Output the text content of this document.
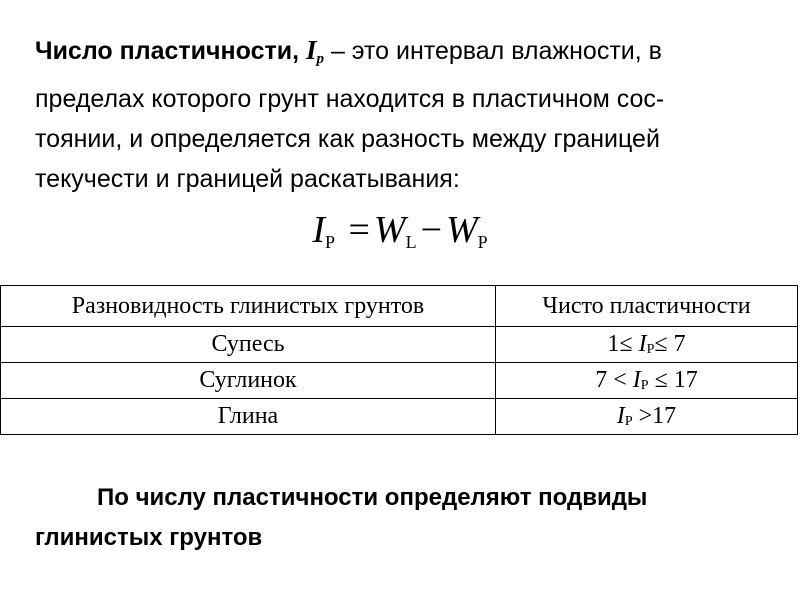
Число пластичности, $I_p$ – это интервал влажности, в
пределах которого грунт находится в пластичном сос-
тоянии, и определяется как разность между границей
текучести и границей раскатывания:

$I_P = W_L - W_P$
Разновидность глинистых грунтов	Чисто пластичности
Супесь	$1\le I_P\le 7$
Суглинок	$7 < I_P \le 17$
Глина	$I_P >17$

По числу пластичности определяют подвиды
глинистых грунтов
